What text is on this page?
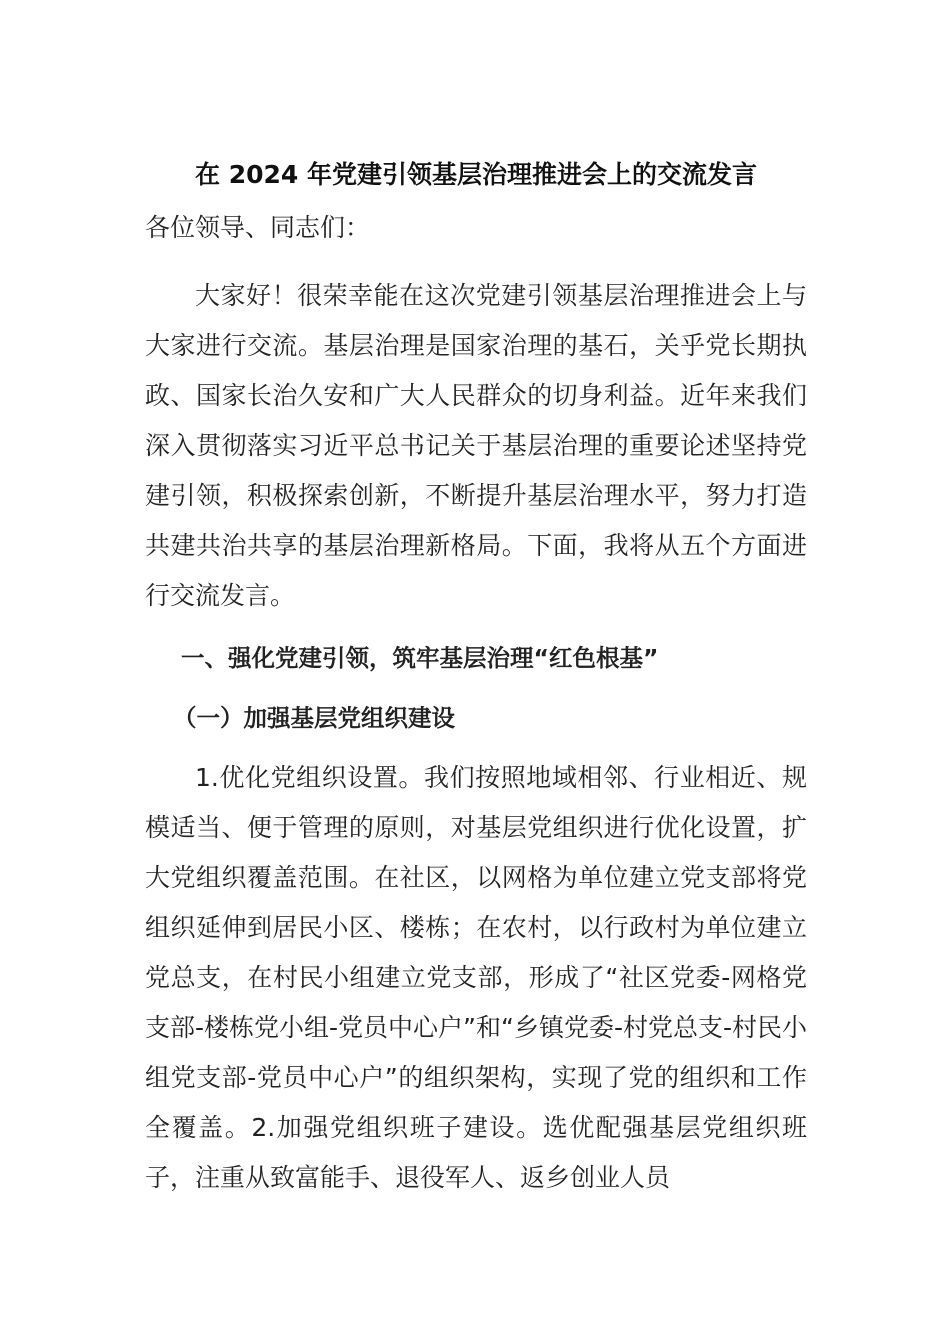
在 2024 年党建引领基层治理推进会上的交流发言

各位领导、同志们：

大家好！很荣幸能在这次党建引领基层治理推进会上与大家进行交流。基层治理是国家治理的基石，关乎党长期执政、国家长治久安和广大人民群众的切身利益。近年来我们深入贯彻落实习近平总书记关于基层治理的重要论述坚持党建引领，积极探索创新，不断提升基层治理水平，努力打造共建共治共享的基层治理新格局。下面，我将从五个方面进行交流发言。

一、强化党建引领，筑牢基层治理“红色根基”

（一）加强基层党组织建设

1.优化党组织设置。我们按照地域相邻、行业相近、规模适当、便于管理的原则，对基层党组织进行优化设置，扩大党组织覆盖范围。在社区，以网格为单位建立党支部将党组织延伸到居民小区、楼栋；在农村，以行政村为单位建立党总支，在村民小组建立党支部，形成了“社区党委-网格党支部-楼栋党小组-党员中心户”和“乡镇党委-村党总支-村民小组党支部-党员中心户”的组织架构，实现了党的组织和工作全覆盖。2.加强党组织班子建设。选优配强基层党组织班子，注重从致富能手、退役军人、返乡创业人员
